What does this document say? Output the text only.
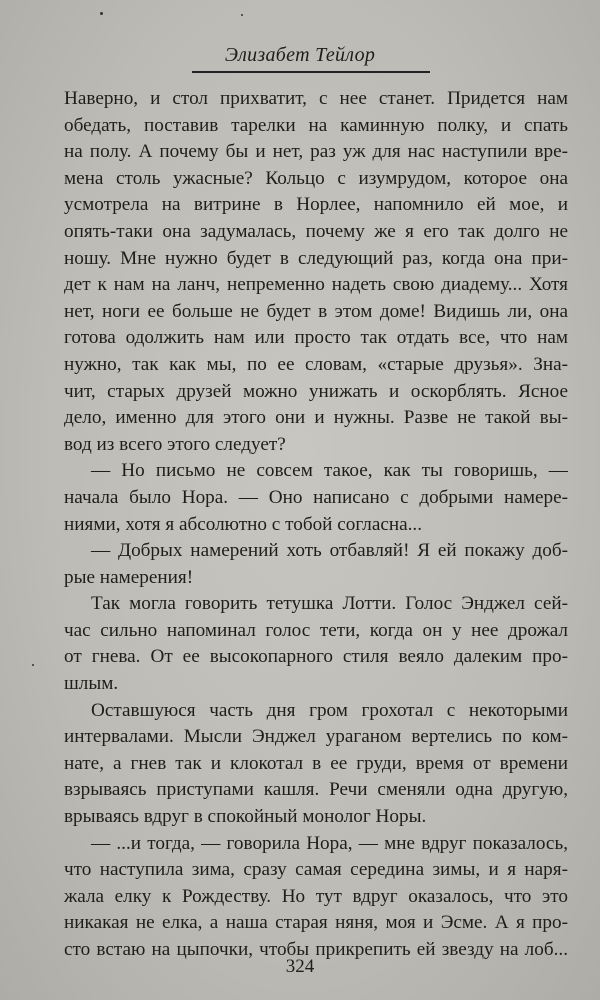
Элизабет Тейлор
Наверно, и стол прихватит, с нее станет. Придется нам
обедать, поставив тарелки на каминную полку, и спать
на полу. А почему бы и нет, раз уж для нас наступили вре-
мена столь ужасные? Кольцо с изумрудом, которое она
усмотрела на витрине в Норлее, напомнило ей мое, и
опять-таки она задумалась, почему же я его так долго не
ношу. Мне нужно будет в следующий раз, когда она при-
дет к нам на ланч, непременно надеть свою диадему... Хотя
нет, ноги ее больше не будет в этом доме! Видишь ли, она
готова одолжить нам или просто так отдать все, что нам
нужно, так как мы, по ее словам, «старые друзья». Зна-
чит, старых друзей можно унижать и оскорблять. Ясное
дело, именно для этого они и нужны. Разве не такой вы-
вод из всего этого следует?
— Но письмо не совсем такое, как ты говоришь, —
начала было Нора. — Оно написано с добрыми намере-
ниями, хотя я абсолютно с тобой согласна...
— Добрых намерений хоть отбавляй! Я ей покажу доб-
рые намерения!
Так могла говорить тетушка Лотти. Голос Энджел сей-
час сильно напоминал голос тети, когда он у нее дрожал
от гнева. От ее высокопарного стиля веяло далеким про-
шлым.
Оставшуюся часть дня гром грохотал с некоторыми
интервалами. Мысли Энджел ураганом вертелись по ком-
нате, а гнев так и клокотал в ее груди, время от времени
взрываясь приступами кашля. Речи сменяли одна другую,
врываясь вдруг в спокойный монолог Норы.
— ...и тогда, — говорила Нора, — мне вдруг показалось,
что наступила зима, сразу самая середина зимы, и я наря-
жала елку к Рождеству. Но тут вдруг оказалось, что это
никакая не елка, а наша старая няня, моя и Эсме. А я про-
сто встаю на цыпочки, чтобы прикрепить ей звезду на лоб...
324
